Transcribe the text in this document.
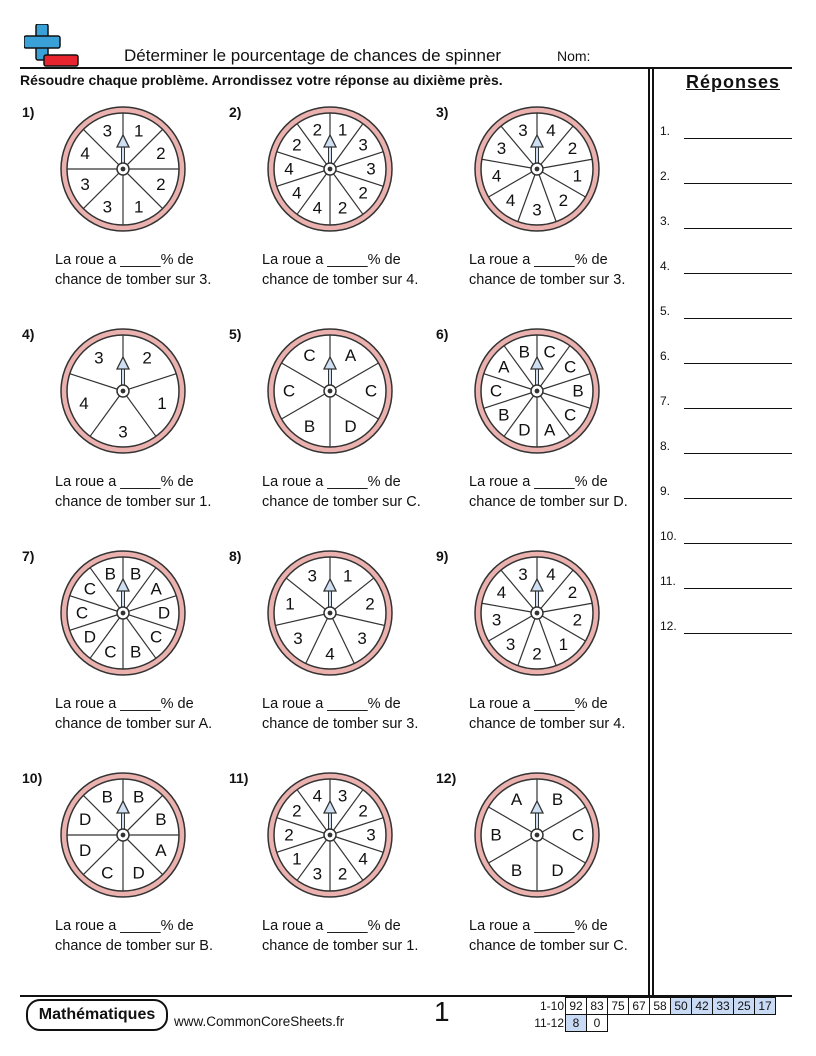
Déterminer le pourcentage de chances de spinner	Nom:
Résoudre chaque problème. Arrondissez votre réponse au dixième près.	Réponses
1.
2.
3.
4.
5.
6.
7.
8.
9.
10.
11.
12.
1)
1
2
2
1
3
3
4
3
La roue a _____% de
chance de tomber sur 3.
2)
1
3
3
2
2
4
4
4
2
2
La roue a _____% de
chance de tomber sur 4.
3)
4
2
1
2
3
4
4
3
3
La roue a _____% de
chance de tomber sur 3.
4)
2
1
3
4
3
La roue a _____% de
chance de tomber sur 1.
5)
A
C
D
B
C
C
La roue a _____% de
chance de tomber sur C.
6)
C
C
B
C
A
D
B
C
A
B
La roue a _____% de
chance de tomber sur D.
7)
B
A
D
C
B
C
D
C
C
B
La roue a _____% de
chance de tomber sur A.
8)
1
2
3
4
3
1
3
La roue a _____% de
chance de tomber sur 3.
9)
4
2
2
1
2
3
3
4
3
La roue a _____% de
chance de tomber sur 4.
10)
B
B
A
D
C
D
D
B
La roue a _____% de
chance de tomber sur B.
11)
3
2
3
4
2
3
1
2
2
4
La roue a _____% de
chance de tomber sur 1.
12)
B
C
D
B
B
A
La roue a _____% de
chance de tomber sur C.
Mathématiques	www.CommonCoreSheets.fr	1	1-10 92 83 75 67 58 50 42 33 25 17
11-12 8	0
